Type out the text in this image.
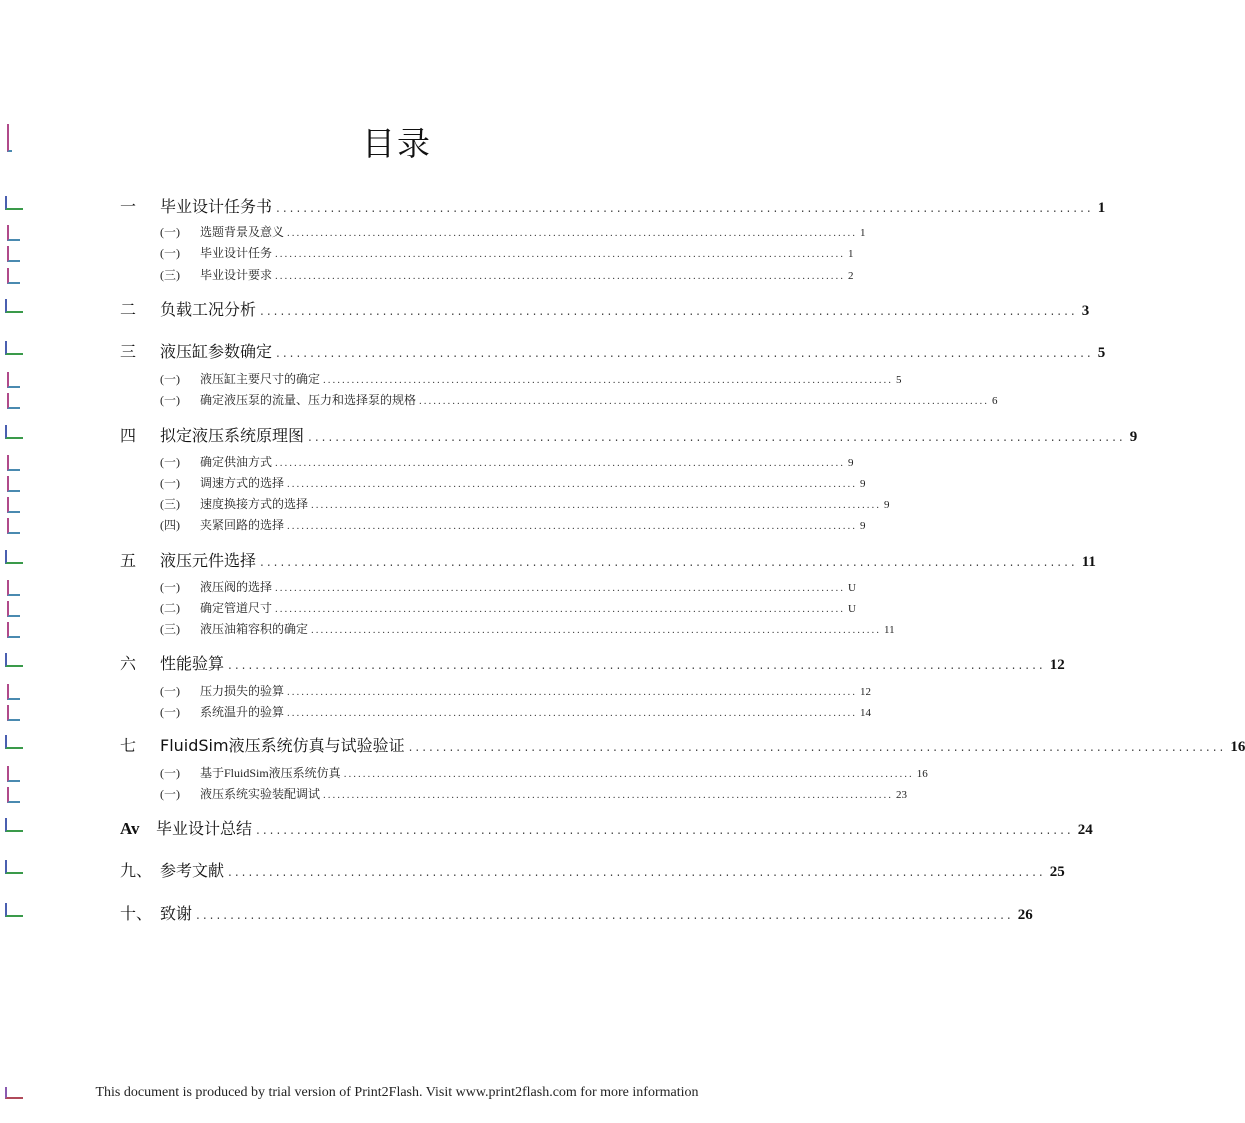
目录
一	毕业设计任务书 ........................................................................................................................ 1
(一)	选题背景及意义 ........................................................................................................................ 1
(一)	毕业设计任务 ........................................................................................................................ 1
(三)	毕业设计要求 ........................................................................................................................ 2
二	负载工况分析 ........................................................................................................................ 3
三	液压缸参数确定 ........................................................................................................................ 5
(一)	液压缸主要尺寸的确定 ........................................................................................................................ 5
(一)	确定液压泵的流量、压力和选择泵的规格 ........................................................................................................................ 6
四	拟定液压系统原理图 ........................................................................................................................ 9
(一)	确定供油方式 ........................................................................................................................ 9
(一)	调速方式的选择 ........................................................................................................................ 9
(三)	速度换接方式的选择 ........................................................................................................................ 9
(四)	夹紧回路的选择 ........................................................................................................................ 9
五	液压元件选择 ........................................................................................................................ 11
(一)	液压阀的选择 ........................................................................................................................ U
(二)	确定管道尺寸 ........................................................................................................................ U
(三)	液压油箱容积的确定 ........................................................................................................................ 11
六	性能验算 ........................................................................................................................ 12
(一)	压力损失的验算 ........................................................................................................................ 12
(一)	系统温升的验算 ........................................................................................................................ 14
七	FluidSim液压系统仿真与试验验证 ........................................................................................................................ 16
(一)	基于FluidSim液压系统仿真 ........................................................................................................................ 16
(一)	液压系统实验装配调试 ........................................................................................................................ 23
Av	毕业设计总结 ........................................................................................................................ 24
九、 参考文献 ........................................................................................................................ 25
十、 致谢 ........................................................................................................................ 26
This document is produced by trial version of Print2Flash. Visit www.print2flash.com for more information
